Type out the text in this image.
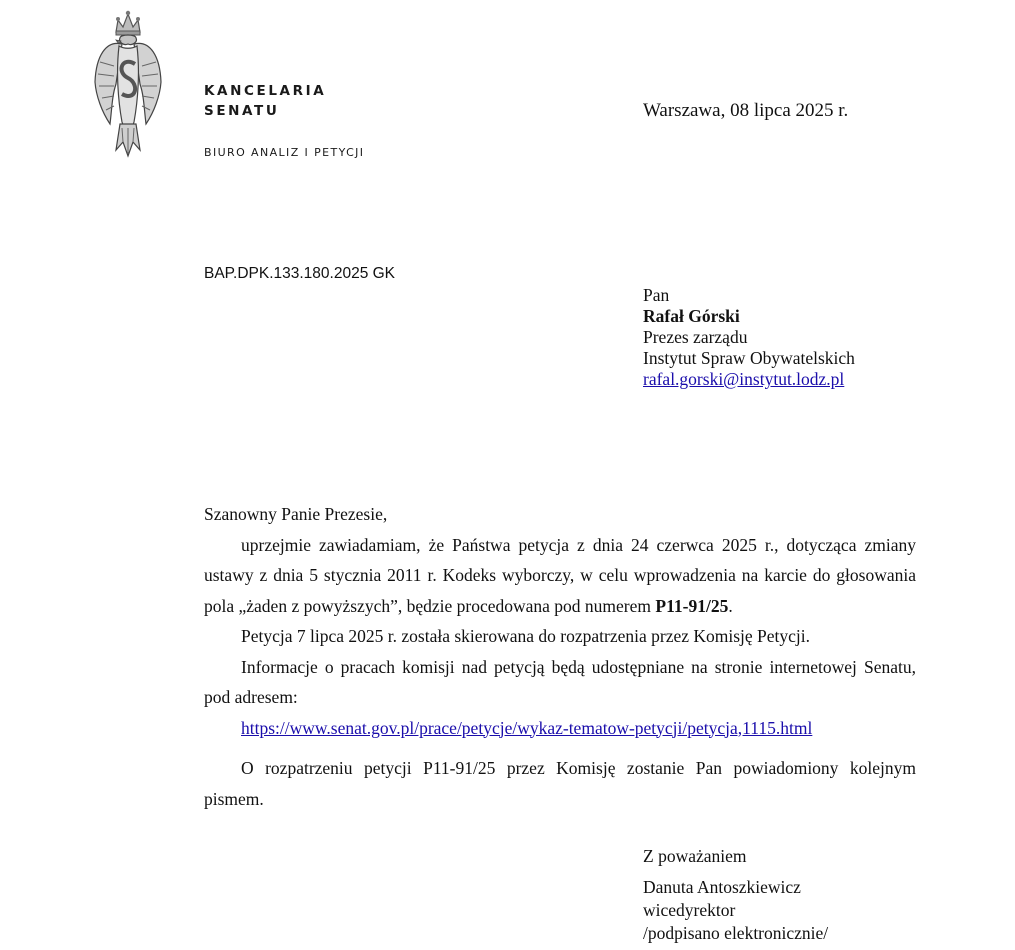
KANCELARIA
SENATU
BIURO ANALIZ I PETYCJI
Warszawa, 08 lipca 2025 r.
BAP.DPK.133.180.2025 GK
Pan
Rafał Górski
Prezes zarządu
Instytut Spraw Obywatelskich
rafal.gorski@instytut.lodz.pl

Szanowny Panie Prezesie,

uprzejmie zawiadamiam, że Państwa petycja z dnia 24 czerwca 2025 r., dotycząca zmiany ustawy z dnia 5 stycznia 2011 r. Kodeks wyborczy, w celu wprowadzenia na karcie do głosowania pola „żaden z powyższych”, będzie procedowana pod numerem P11-91/25.

Petycja 7 lipca 2025 r. została skierowana do rozpatrzenia przez Komisję Petycji.

Informacje o pracach komisji nad petycją będą udostępniane na stronie internetowej Senatu, pod adresem:

https://www.senat.gov.pl/prace/petycje/wykaz-tematow-petycji/petycja,1115.html

O rozpatrzeniu petycji P11-91/25 przez Komisję zostanie Pan powiadomiony kolejnym pismem.

Z poważaniem
Danuta Antoszkiewicz
wicedyrektor
/podpisano elektronicznie/
